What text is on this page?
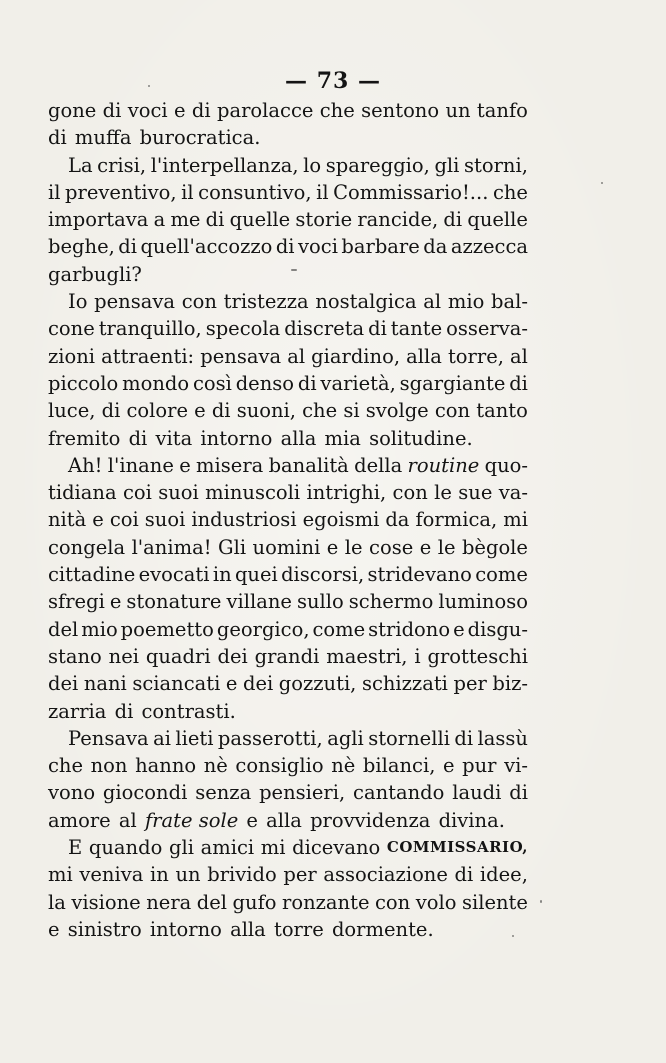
— 73 —
gone di voci e di parolacce che sentono un tanfo
di muffa burocratica.
La crisi, l'interpellanza, lo spareggio, gli storni,
il preventivo, il consuntivo, il Commissario!... che
importava a me di quelle storie rancide, di quelle
beghe, di quell'accozzo di voci barbare da azzecca
garbugli?
Io pensava con tristezza nostalgica al mio bal-
cone tranquillo, specola discreta di tante osserva-
zioni attraenti: pensava al giardino, alla torre, al
piccolo mondo così denso di varietà, sgargiante di
luce, di colore e di suoni, che si svolge con tanto
fremito di vita intorno alla mia solitudine.
Ah! l'inane e misera banalità della routine quo-
tidiana coi suoi minuscoli intrighi, con le sue va-
nità e coi suoi industriosi egoismi da formica, mi
congela l'anima! Gli uomini e le cose e le bègole
cittadine evocati in quei discorsi, stridevano come
sfregi e stonature villane sullo schermo luminoso
del mio poemetto georgico, come stridono e disgu-
stano nei quadri dei grandi maestri, i grotteschi
dei nani sciancati e dei gozzuti, schizzati per biz-
zarria di contrasti.
Pensava ai lieti passerotti, agli stornelli di lassù
che non hanno nè consiglio nè bilanci, e pur vi-
vono giocondi senza pensieri, cantando laudi di
amore al frate sole e alla provvidenza divina.
E quando gli amici mi dicevano COMMISSARIO,
mi veniva in un brivido per associazione di idee,
la visione nera del gufo ronzante con volo silente
e sinistro intorno alla torre dormente.
